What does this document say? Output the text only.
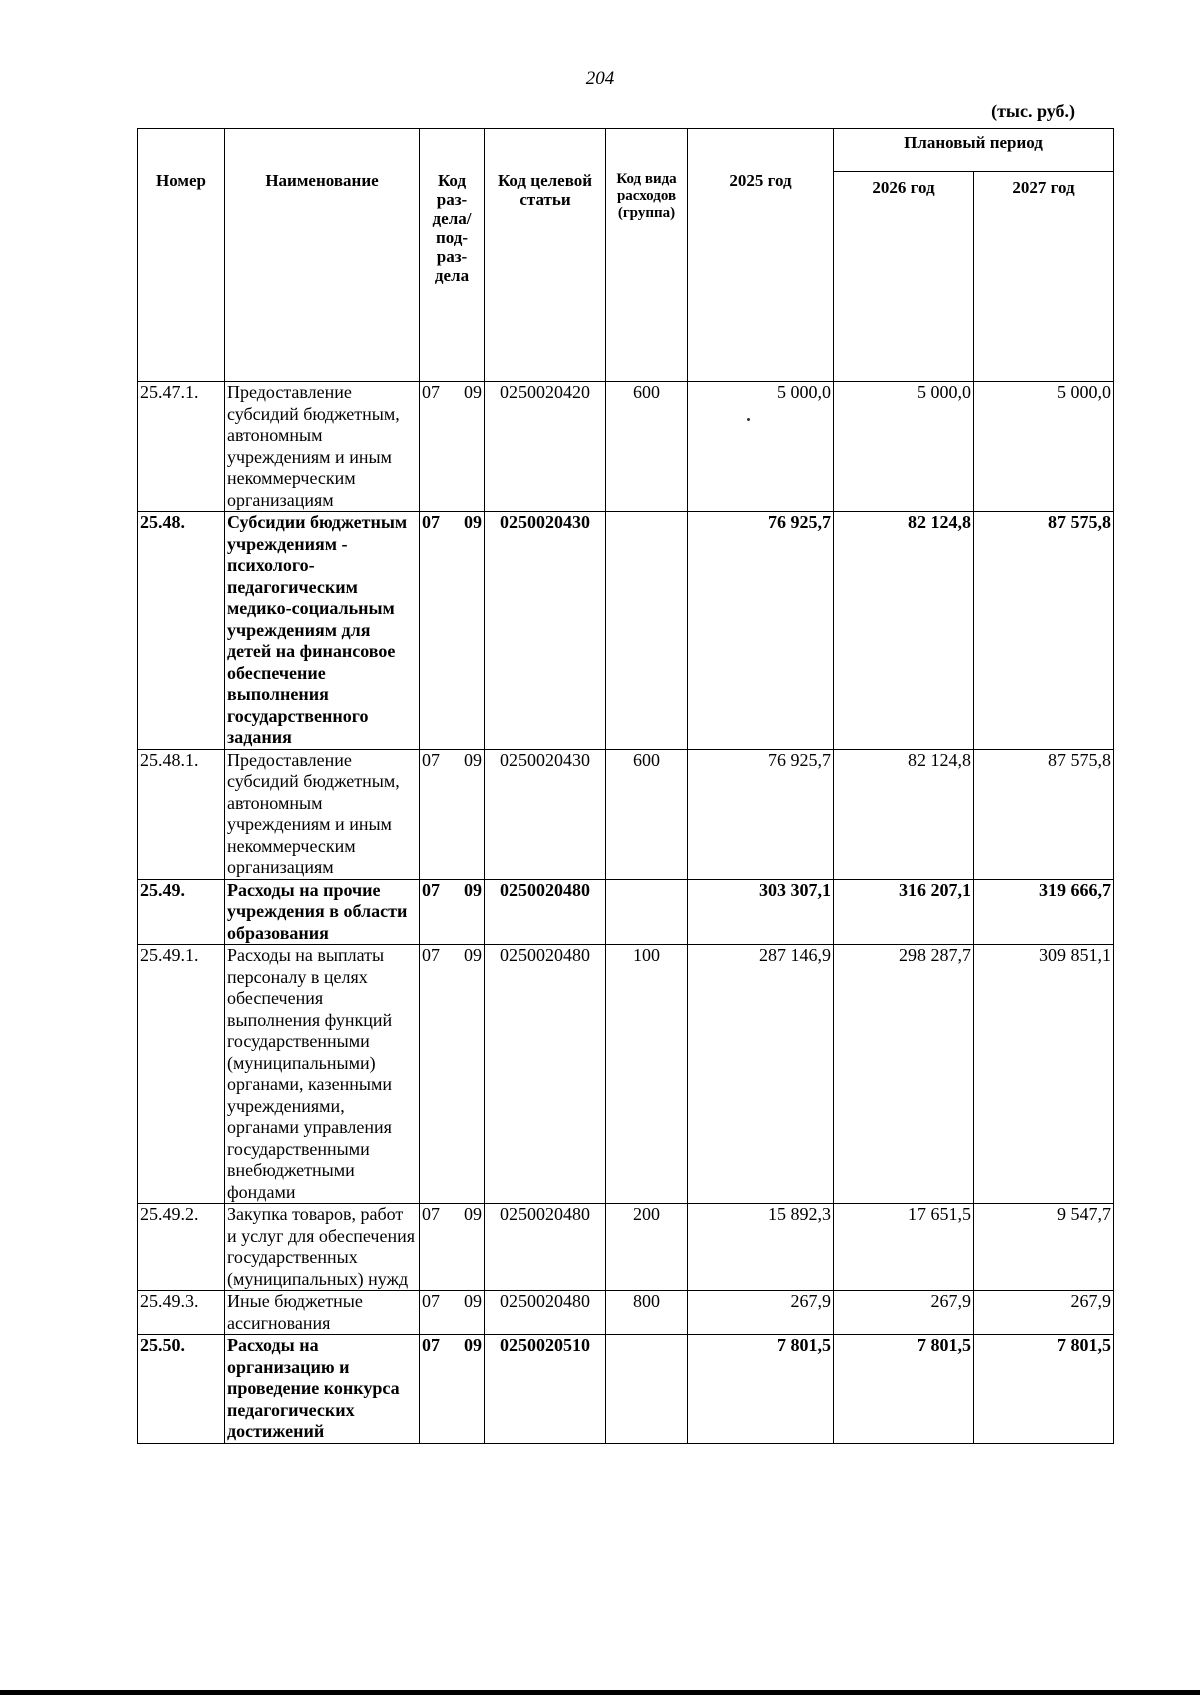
204
(тыс. руб.)
Номер	Наименование	Код раз-дела/ под-раз-дела	Код целевой статьи	Код вида расходов (группа)	2025 год	Плановый период	
						2026 год	2027 год
25.47.1.	Предоставление субсидий бюджетным, автономным учреждениям и иным некоммерческим организациям	07 09	0250020420	600	5 000,0	5 000,0	5 000,0
25.48.	Субсидии бюджетным учреждениям - психолого-педагогическим медико-социальным учреждениям для детей на финансовое обеспечение выполнения государственного задания	07 09	0250020430		76 925,7	82 124,8	87 575,8
25.48.1.	Предоставление субсидий бюджетным, автономным учреждениям и иным некоммерческим организациям	07 09	0250020430	600	76 925,7	82 124,8	87 575,8
25.49.	Расходы на прочие учреждения в области образования	07 09	0250020480		303 307,1	316 207,1	319 666,7
25.49.1.	Расходы на выплаты персоналу в целях обеспечения выполнения функций государственными (муниципальными) органами, казенными учреждениями, органами управления государственными внебюджетными фондами	07 09	0250020480	100	287 146,9	298 287,7	309 851,1
25.49.2.	Закупка товаров, работ и услуг для обеспечения государственных (муниципальных) нужд	07 09	0250020480	200	15 892,3	17 651,5	9 547,7
25.49.3.	Иные бюджетные ассигнования	07 09	0250020480	800	267,9	267,9	267,9
25.50.	Расходы на организацию и проведение конкурса педагогических достижений	07 09	0250020510		7 801,5	7 801,5	7 801,5
